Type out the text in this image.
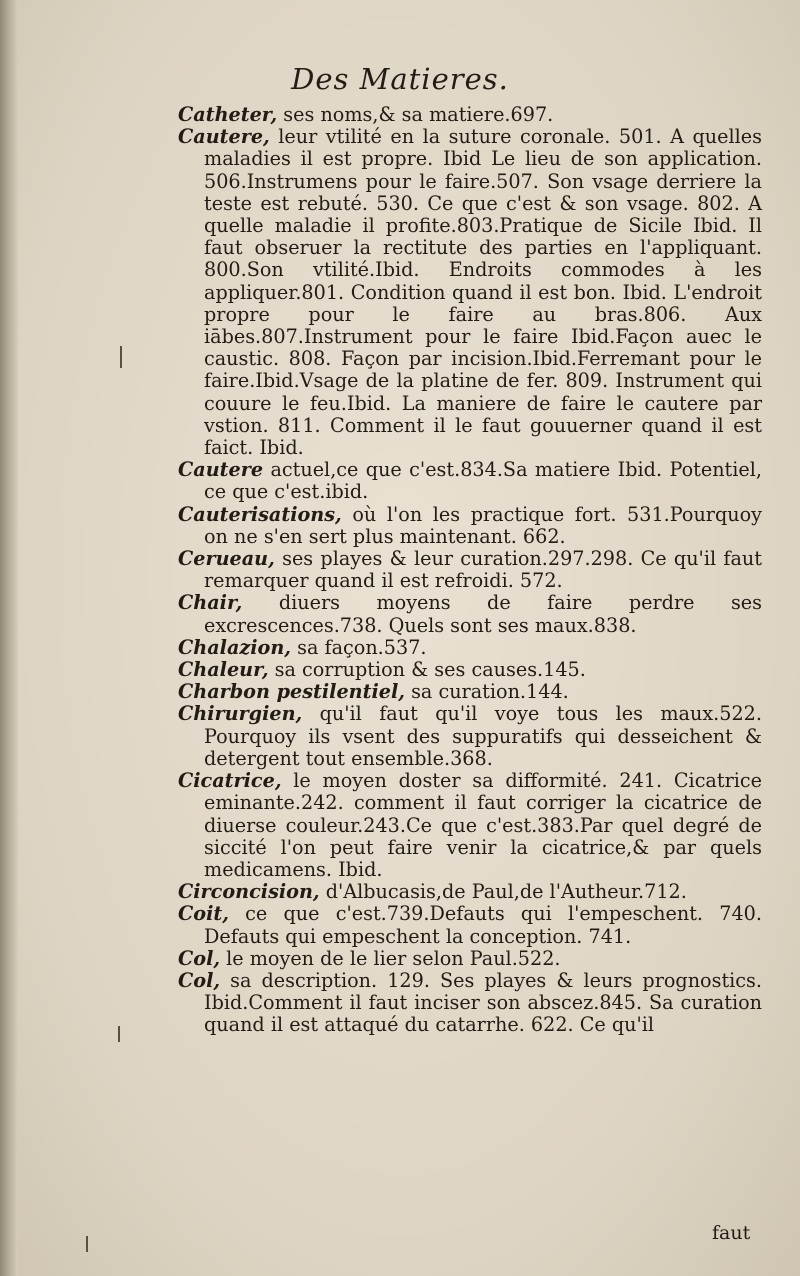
Des Matieres.

Catheter, ses noms,& sa matiere.697.

Cautere, leur vtilité en la suture coronale. 501. A quelles maladies il est propre. Ibid Le lieu de son application. 506.Instrumens pour le faire.507. Son vsage derriere la teste est rebuté. 530. Ce que c'est & son vsage. 802. A quelle maladie il profite.803.Pratique de Sicile Ibid. Il faut obseruer la rectitute des parties en l'appliquant. 800.Son vtilité.Ibid. Endroits commodes à les appliquer.801. Condition quand il est bon. Ibid. L'endroit propre pour le faire au bras.806. Aux iābes.807.Instrument pour le faire Ibid.Façon auec le caustic. 808. Façon par incision.Ibid.Ferremant pour le faire.Ibid.Vsage de la platine de fer. 809. Instrument qui couure le feu.Ibid. La maniere de faire le cautere par vstion. 811. Comment il le faut gouuerner quand il est faict. Ibid.

Cautere actuel,ce que c'est.834.Sa matiere Ibid. Potentiel, ce que c'est.ibid.

Cauterisations, où l'on les practique fort. 531.Pourquoy on ne s'en sert plus maintenant. 662.

Cerueau, ses playes & leur curation.297.298. Ce qu'il faut remarquer quand il est refroidi. 572.

Chair, diuers moyens de faire perdre ses excrescences.738. Quels sont ses maux.838.

Chalazion, sa façon.537.

Chaleur, sa corruption & ses causes.145.

Charbon pestilentiel, sa curation.144.

Chirurgien, qu'il faut qu'il voye tous les maux.522. Pourquoy ils vsent des suppuratifs qui desseichent & detergent tout ensemble.368.

Cicatrice, le moyen doster sa difformité. 241. Cicatrice eminante.242. comment il faut corriger la cicatrice de diuerse couleur.243.Ce que c'est.383.Par quel degré de siccité l'on peut faire venir la cicatrice,& par quels medicamens. Ibid.

Circoncision, d'Albucasis,de Paul,de l'Autheur.712.

Coit, ce que c'est.739.Defauts qui l'empeschent. 740. Defauts qui empeschent la conception. 741.

Col, le moyen de le lier selon Paul.522.

Col, sa description. 129. Ses playes & leurs prognostics. Ibid.Comment il faut inciser son abscez.845. Sa curation quand il est attaqué du catarrhe. 622. Ce qu'il

faut
